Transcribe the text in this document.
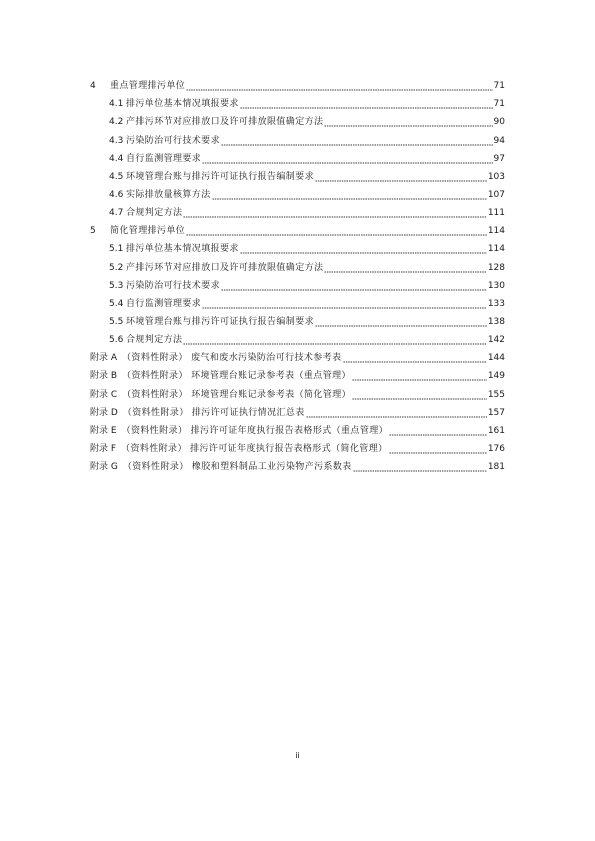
4	重点管理排污单位	71
4.1 排污单位基本情况填报要求	71
4.2 产排污环节对应排放口及许可排放限值确定方法	90
4.3 污染防治可行技术要求	94
4.4 自行监测管理要求	97
4.5 环境管理台账与排污许可证执行报告编制要求	103
4.6 实际排放量核算方法	107
4.7 合规判定方法	111
5	简化管理排污单位	114
5.1 排污单位基本情况填报要求	114
5.2 产排污环节对应排放口及许可排放限值确定方法	128
5.3 污染防治可行技术要求	130
5.4 自行监测管理要求	133
5.5 环境管理台账与排污许可证执行报告编制要求	138
5.6 合规判定方法	142
附录 A （资料性附录） 废气和废水污染防治可行技术参考表	144
附录 B （资料性附录） 环境管理台账记录参考表（重点管理）	149
附录 C （资料性附录） 环境管理台账记录参考表（简化管理）	155
附录 D （资料性附录） 排污许可证执行情况汇总表	157
附录 E （资料性附录） 排污许可证年度执行报告表格形式（重点管理）	161
附录 F （资料性附录） 排污许可证年度执行报告表格形式（简化管理）	176
附录 G （资料性附录） 橡胶和塑料制品工业污染物产污系数表	181
ii
